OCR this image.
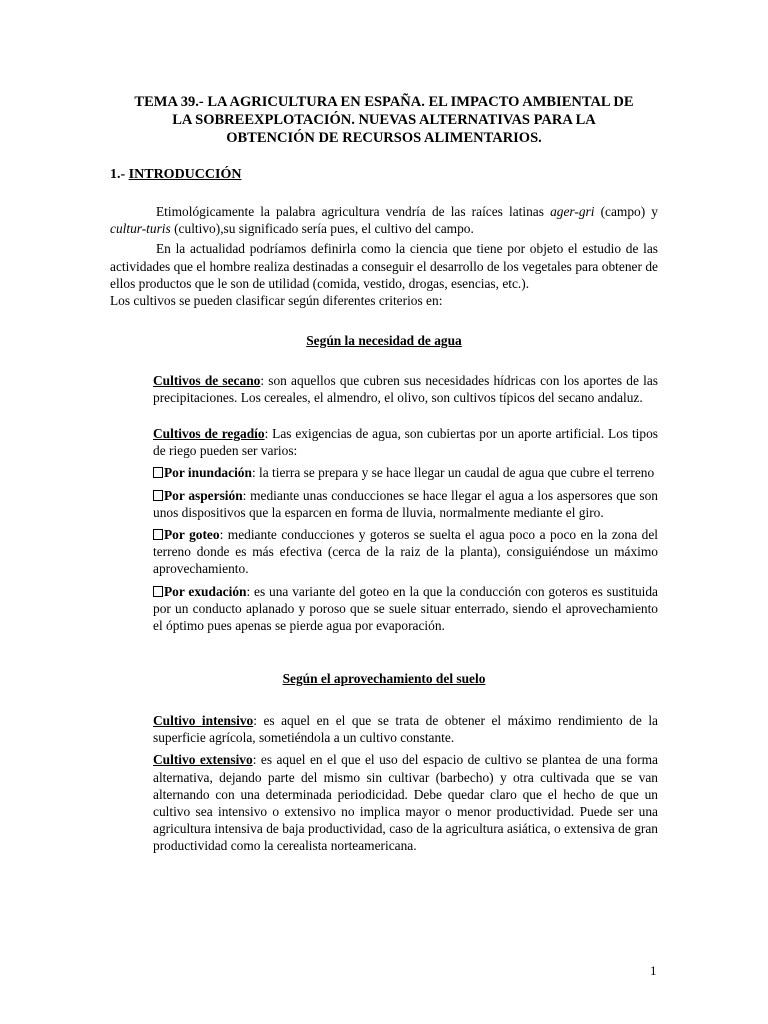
TEMA 39.- LA AGRICULTURA EN ESPAÑA. EL IMPACTO AMBIENTAL DE
LA SOBREEXPLOTACIÓN. NUEVAS ALTERNATIVAS PARA LA
OBTENCIÓN DE RECURSOS ALIMENTARIOS.
1.- INTRODUCCIÓN
Etimológicamente la palabra agricultura vendría de las raíces latinas ager-gri (campo) y cultur-turis (cultivo),su significado sería pues, el cultivo del campo.
En la actualidad podríamos definirla como la ciencia que tiene por objeto el estudio de las actividades que el hombre realiza destinadas a conseguir el desarrollo de los vegetales para obtener de ellos productos que le son de utilidad (comida, vestido, drogas, esencias, etc.).
Los cultivos se pueden clasificar según diferentes criterios en:
Según la necesidad de agua
Cultivos de secano: son aquellos que cubren sus necesidades hídricas con los aportes de las precipitaciones. Los cereales, el almendro, el olivo, son cultivos típicos del secano andaluz.
Cultivos de regadío: Las exigencias de agua, son cubiertas por un aporte artificial. Los tipos de riego pueden ser varios:
Por inundación: la tierra se prepara y se hace llegar un caudal de agua que cubre el terreno
Por aspersión: mediante unas conducciones se hace llegar el agua a los aspersores que son unos dispositivos que la esparcen en forma de lluvia, normalmente mediante el giro.
Por goteo: mediante conducciones y goteros se suelta el agua poco a poco en la zona del terreno donde es más efectiva (cerca de la raiz de la planta), consiguiéndose un máximo aprovechamiento.
Por exudación: es una variante del goteo en la que la conducción con goteros es sustituida por un conducto aplanado y poroso que se suele situar enterrado, siendo el aprovechamiento el óptimo pues apenas se pierde agua por evaporación.
Según el aprovechamiento del suelo
Cultivo intensivo: es aquel en el que se trata de obtener el máximo rendimiento de la superficie agrícola, sometiéndola a un cultivo constante.
Cultivo extensivo: es aquel en el que el uso del espacio de cultivo se plantea de una forma alternativa, dejando parte del mismo sin cultivar (barbecho) y otra cultivada que se van alternando con una determinada periodicidad. Debe quedar claro que el hecho de que un cultivo sea intensivo o extensivo no implica mayor o menor productividad. Puede ser una agricultura intensiva de baja productividad, caso de la agricultura asiática, o extensiva de gran productividad como la cerealista norteamericana.
1
